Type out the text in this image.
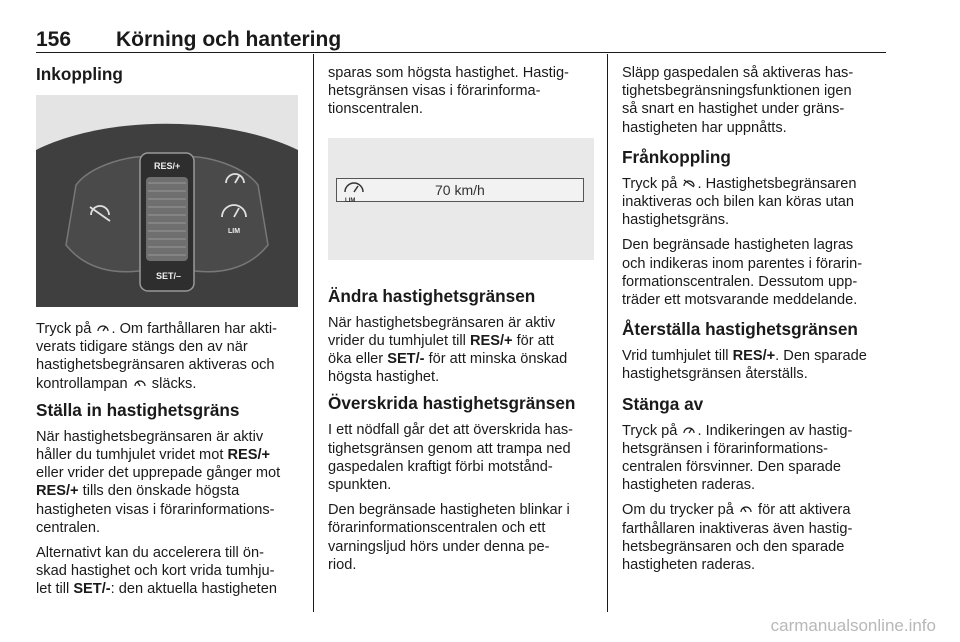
156 Körning och hantering
Inkoppling
RES/+
SET/–
LIM

Tryck på
. Om farthållaren har akti-
verats tidigare stängs den av när
hastighetsbegränsaren aktiveras och
kontrollampan
släcks.

Ställa in hastighetsgräns

När hastighetsbegränsaren är aktiv
håller du tumhjulet vridet mot RES/+
eller vrider det upprepade gånger mot
RES/+ tills den önskade högsta
hastigheten visas i förarinformations-
centralen.

Alternativt kan du accelerera till ön-
skad hastighet och kort vrida tumhju-
let till SET/-: den aktuella hastigheten

sparas som högsta hastighet. Hastig-
hetsgränsen visas i förarinforma-
tionscentralen.

LIM
70 km/h
Ändra hastighetsgränsen

När hastighetsbegränsaren är aktiv
vrider du tumhjulet till RES/+ för att
öka eller SET/- för att minska önskad
högsta hastighet.

Överskrida hastighetsgränsen

I ett nödfall går det att överskrida has-
tighetsgränsen genom att trampa ned
gaspedalen kraftigt förbi motstånd-
spunkten.

Den begränsade hastigheten blinkar i
förarinformationscentralen och ett
varningsljud hörs under denna pe-
riod.

Släpp gaspedalen så aktiveras has-
tighetsbegränsningsfunktionen igen
så snart en hastighet under gräns-
hastigheten har uppnåtts.

Frånkoppling

Tryck på
. Hastighetsbegränsaren
inaktiveras och bilen kan köras utan
hastighetsgräns.

Den begränsade hastigheten lagras
och indikeras inom parentes i förarin-
formationscentralen. Dessutom upp-
träder ett motsvarande meddelande.

Återställa hastighetsgränsen

Vrid tumhjulet till RES/+. Den sparade
hastighetsgränsen återställs.

Stänga av

Tryck på
. Indikeringen av hastig-
hetsgränsen i förarinformations-
centralen försvinner. Den sparade
hastigheten raderas.

Om du trycker på
för att aktivera
farthållaren inaktiveras även hastig-
hetsbegränsaren och den sparade
hastigheten raderas.

carmanualsonline.info
